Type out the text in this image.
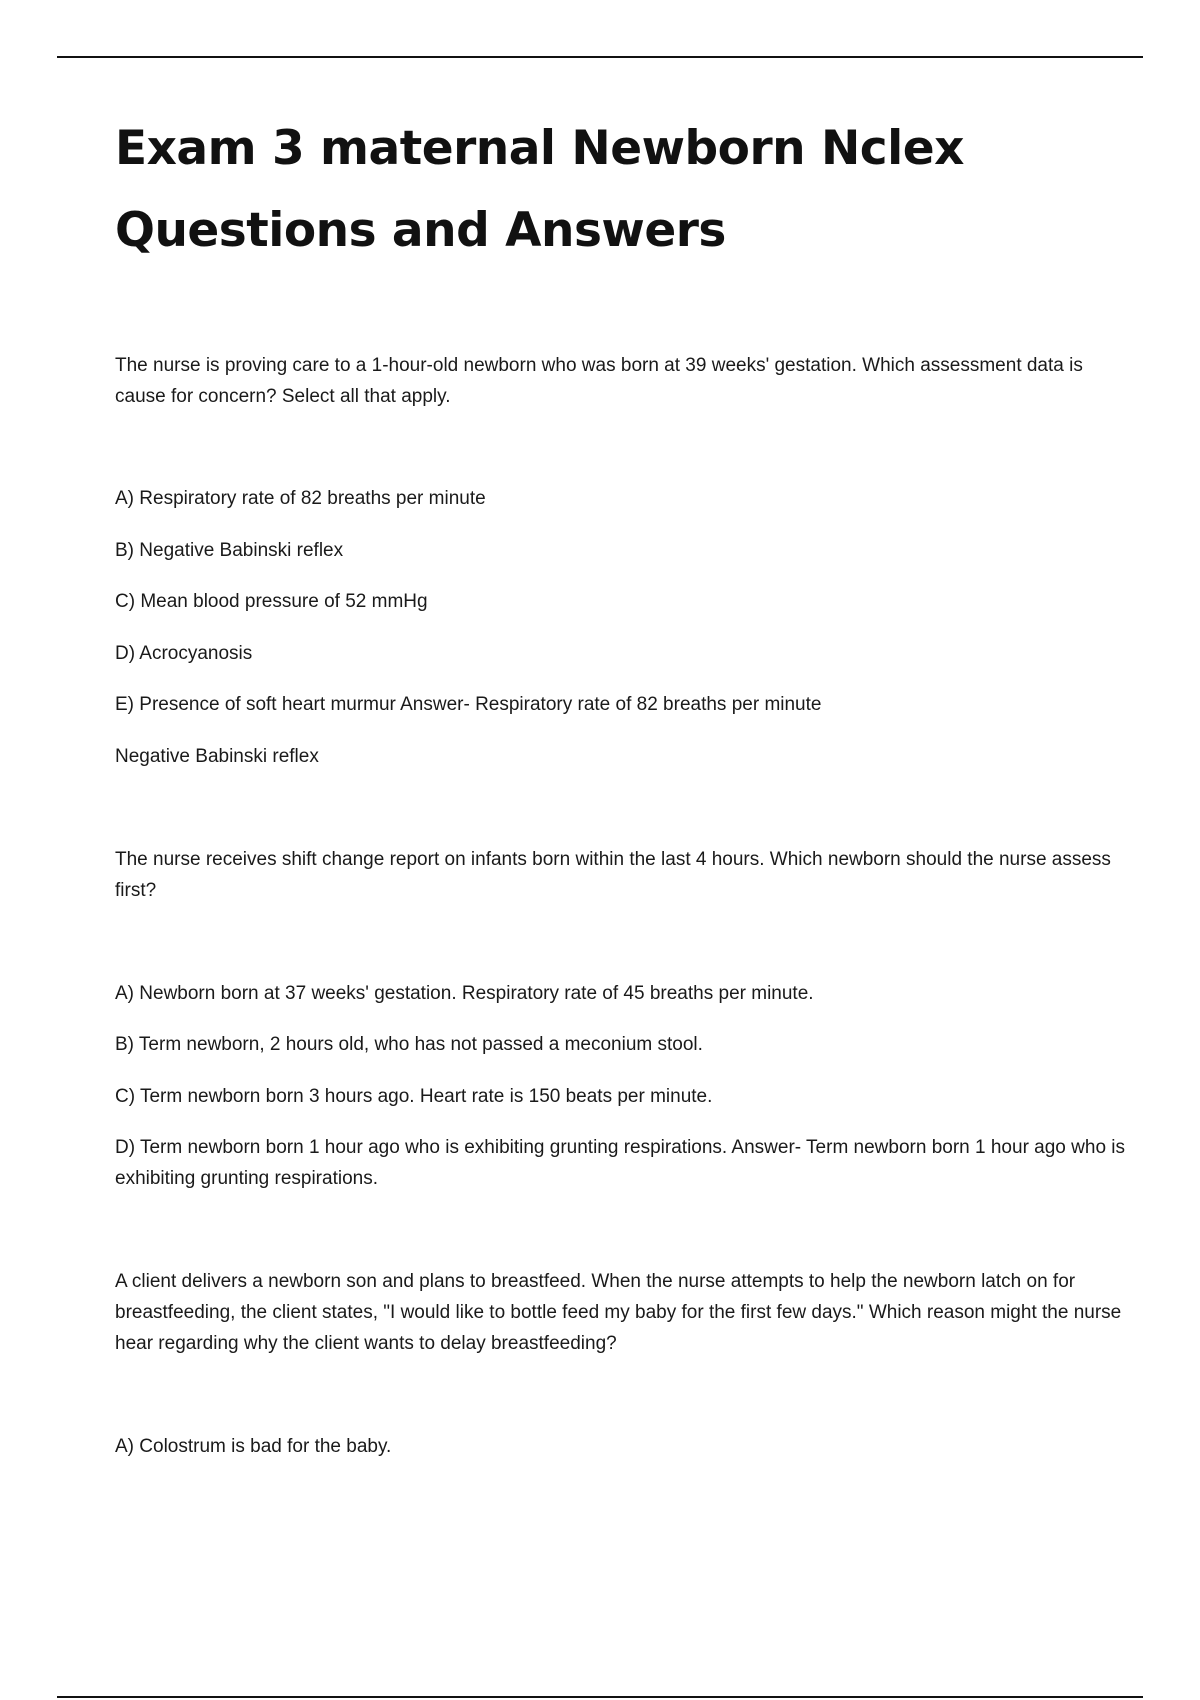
Exam 3 maternal Newborn Nclex
Questions and Answers

The nurse is proving care to a 1-hour-old newborn who was born at 39 weeks' gestation. Which assessment data is cause for concern? Select all that apply.

A) Respiratory rate of 82 breaths per minute

B) Negative Babinski reflex

C) Mean blood pressure of 52 mmHg

D) Acrocyanosis

E) Presence of soft heart murmur Answer- Respiratory rate of 82 breaths per minute

Negative Babinski reflex

The nurse receives shift change report on infants born within the last 4 hours. Which newborn should the nurse assess first?

A) Newborn born at 37 weeks' gestation. Respiratory rate of 45 breaths per minute.

B) Term newborn, 2 hours old, who has not passed a meconium stool.

C) Term newborn born 3 hours ago. Heart rate is 150 beats per minute.

D) Term newborn born 1 hour ago who is exhibiting grunting respirations. Answer- Term newborn born 1 hour ago who is exhibiting grunting respirations.

A client delivers a newborn son and plans to breastfeed. When the nurse attempts to help the newborn latch on for breastfeeding, the client states, "I would like to bottle feed my baby for the first few days." Which reason might the nurse hear regarding why the client wants to delay breastfeeding?

A) Colostrum is bad for the baby.
